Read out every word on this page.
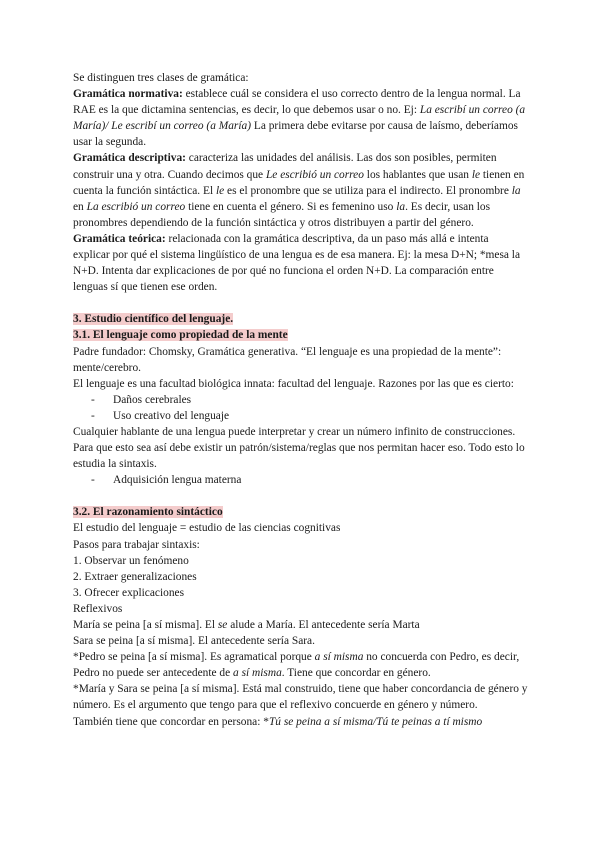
Se distinguen tres clases de gramática:

Gramática normativa: establece cuál se considera el uso correcto dentro de la lengua normal. La RAE es la que dictamina sentencias, es decir, lo que debemos usar o no. Ej: La escribí un correo (a María)/ Le escribí un correo (a María) La primera debe evitarse por causa de laísmo, deberíamos usar la segunda.

Gramática descriptiva: caracteriza las unidades del análisis. Las dos son posibles, permiten construir una y otra. Cuando decimos que Le escribió un correo los hablantes que usan le tienen en cuenta la función sintáctica. El le es el pronombre que se utiliza para el indirecto. El pronombre la en La escribió un correo tiene en cuenta el género. Si es femenino uso la. Es decir, usan los pronombres dependiendo de la función sintáctica y otros distribuyen a partir del género.

Gramática teórica: relacionada con la gramática descriptiva, da un paso más allá e intenta explicar por qué el sistema lingüístico de una lengua es de esa manera. Ej: la mesa D+N; *mesa la N+D. Intenta dar explicaciones de por qué no funciona el orden N+D. La comparación entre lenguas sí que tienen ese orden.

3. Estudio científico del lenguaje.

3.1. El lenguaje como propiedad de la mente

Padre fundador: Chomsky, Gramática generativa. “El lenguaje es una propiedad de la mente”: mente/cerebro.

El lenguaje es una facultad biológica innata: facultad del lenguaje. Razones por las que es cierto:

-	Daños cerebrales
-	Uso creativo del lenguaje

Cualquier hablante de una lengua puede interpretar y crear un número infinito de construcciones. Para que esto sea así debe existir un patrón/sistema/reglas que nos permitan hacer eso. Todo esto lo estudia la sintaxis.

-	Adquisición lengua materna

3.2. El razonamiento sintáctico

El estudio del lenguaje = estudio de las ciencias cognitivas

Pasos para trabajar sintaxis:

1. Observar un fenómeno

2. Extraer generalizaciones

3. Ofrecer explicaciones

Reflexivos

María se peina [a sí misma]. El se alude a María. El antecedente sería Marta

Sara se peina [a sí misma]. El antecedente sería Sara.

*Pedro se peina [a sí misma]. Es agramatical porque a sí misma no concuerda con Pedro, es decir, Pedro no puede ser antecedente de a sí misma. Tiene que concordar en género.

*María y Sara se peina [a sí misma]. Está mal construido, tiene que haber concordancia de género y número. Es el argumento que tengo para que el reflexivo concuerde en género y número.

También tiene que concordar en persona: *Tú se peina a sí misma/Tú te peinas a tí mismo
